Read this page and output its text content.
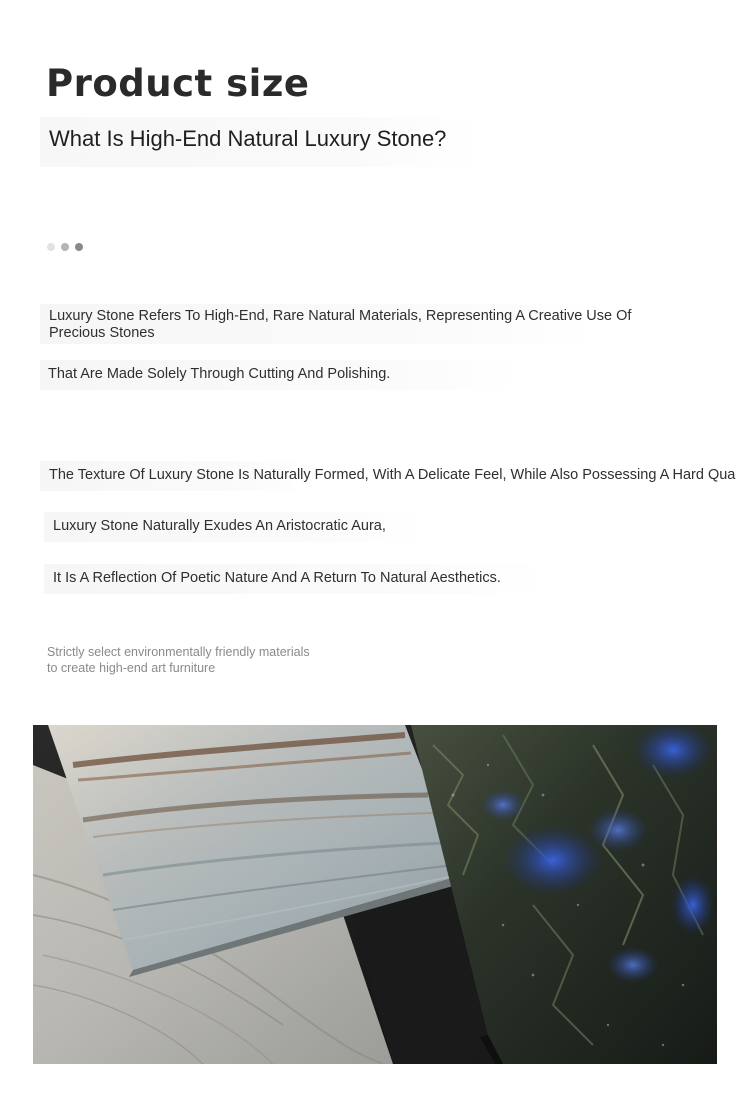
Product size
What Is High-End Natural Luxury Stone?
Luxury Stone Refers To High-End, Rare Natural Materials, Representing A Creative Use Of Precious Stones
That Are Made Solely Through Cutting And Polishing.
The Texture Of Luxury Stone Is Naturally Formed, With A Delicate Feel, While Also Possessing A Hard Qua
Luxury Stone Naturally Exudes An Aristocratic Aura,
It Is A Reflection Of Poetic Nature And A Return To Natural Aesthetics.
Strictly select environmentally friendly materials
to create high-end art furniture
